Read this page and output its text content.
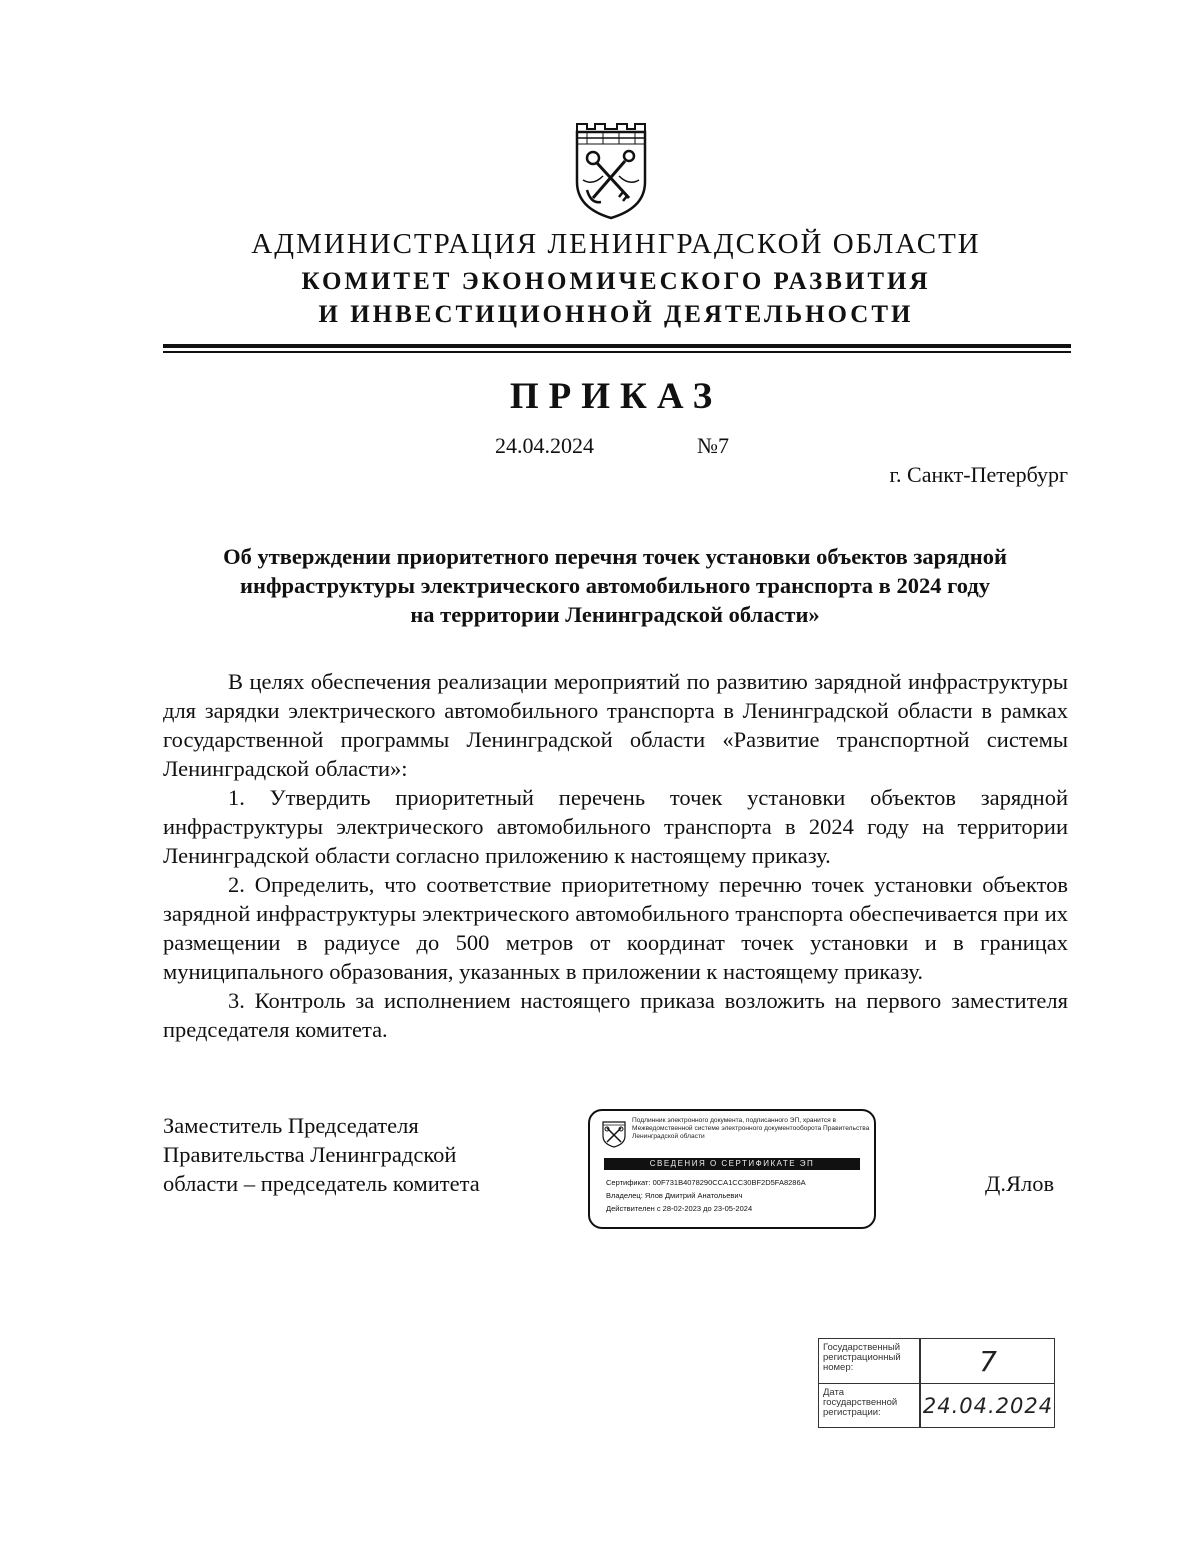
АДМИНИСТРАЦИЯ ЛЕНИНГРАДСКОЙ ОБЛАСТИ
КОМИТЕТ ЭКОНОМИЧЕСКОГО РАЗВИТИЯ
И ИНВЕСТИЦИОННОЙ ДЕЯТЕЛЬНОСТИ
ПРИКАЗ
24.04.2024	№7
г. Санкт-Петербург
Об утверждении приоритетного перечня точек установки объектов зарядной
инфраструктуры электрического автомобильного транспорта в 2024 году
на территории Ленинградской области»

В целях обеспечения реализации мероприятий по развитию зарядной инфраструктуры для зарядки электрического автомобильного транспорта в Ленинградской области в рамках государственной программы Ленинградской области «Развитие транспортной системы Ленинградской области»:

1. Утвердить приоритетный перечень точек установки объектов зарядной инфраструктуры электрического автомобильного транспорта в 2024 году на территории Ленинградской области согласно приложению к настоящему приказу.

2. Определить, что соответствие приоритетному перечню точек установки объектов зарядной инфраструктуры электрического автомобильного транспорта обеспечивается при их размещении в радиусе до 500 метров от координат точек установки и в границах муниципального образования, указанных в приложении к настоящему приказу.

3. Контроль за исполнением настоящего приказа возложить на первого заместителя председателя комитета.

Заместитель Председателя
Правительства Ленинградской
области – председатель комитета
Подлинник электронного документа, подписанного ЭП, хранится в Межведомственной системе электронного документооборота Правительства Ленинградской области
СВЕДЕНИЯ О СЕРТИФИКАТЕ ЭП
Сертификат: 00F731B4078290CCA1CC30BF2D5FA8286A
Владелец: Ялов Дмитрий Анатольевич
Действителен с 28-02-2023 до 23-05-2024
Д.Ялов
Государственный регистрационный номер:	7
Дата государственной регистрации:	24.04.2024
